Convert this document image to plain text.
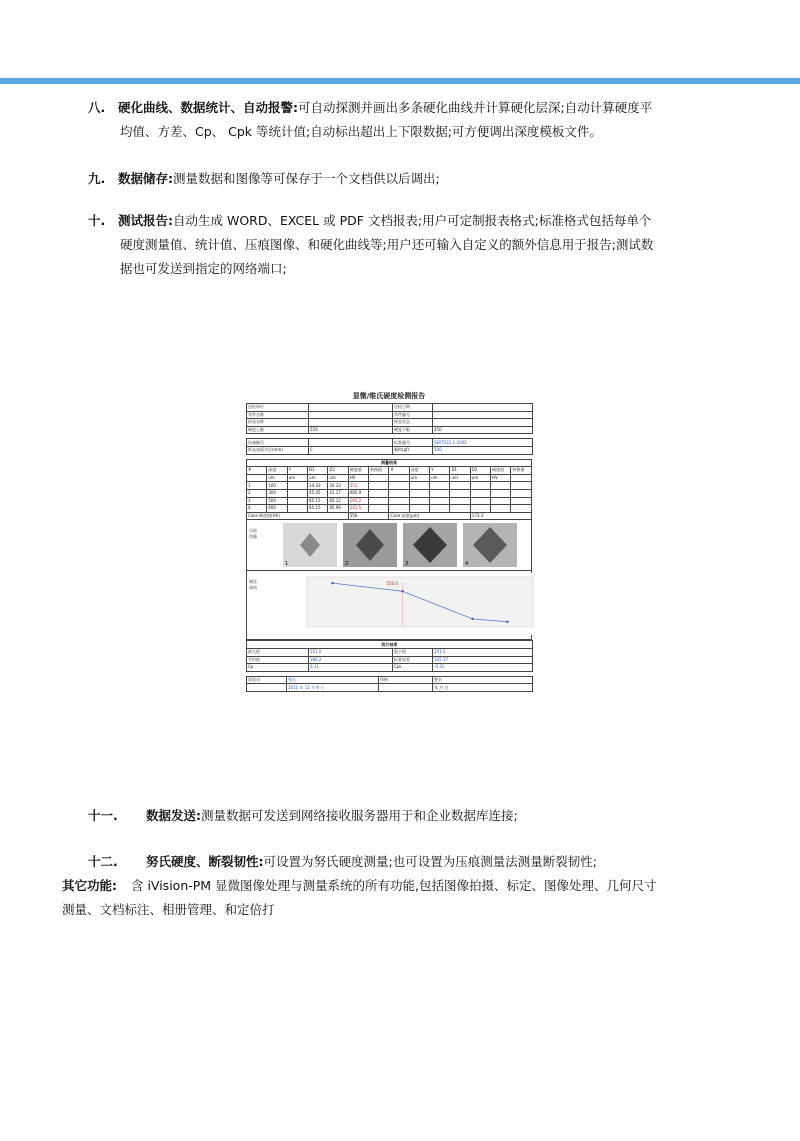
八. 硬化曲线、数据统计、自动报警:可自动探测并画出多条硬化曲线并计算硬化层深;自动计算硬度平
均值、方差、Cp、 Cpk 等统计值;自动标出超出上下限数据;可方便调出深度模板文件。
九. 数据储存:测量数据和图像等可保存于一个文档供以后调出;
十. 测试报告:自动生成 WORD、EXCEL 或 PDF 文档报表;用户可定制报表格式;标准格式包括每单个
硬度测量值、统计值、压痕图像、和硬化曲线等;用户还可输入自定义的额外信息用于报告;测试数
据也可发送到指定的网络端口;
显微/维氏硬度检测报告
送检单位		送检日期	
零件名称		零件编号	
样品名称		样品状态	
硬度上限	550	硬度下限	450
设备编号		标准编号	GB/T231.1-2002
样品表面半径(mm)	0	载荷(gf)	500
测量结果													
#	深度	Y	D1	D2	硬度值	转换值	#	深度	Y	D1	D2	硬度值	转换值
	um	um	um	um	HV			um	um	um	um	HV	
1	100		34.33	34.33	551								
2	300		45.45	41.17	485.9								
3	500		85.15	85.12	265.2								
4	600		85.15	85.99	241.5								
Case 硬度值(HV)					550		Case 深度(μm)				173.3		
压痕图像
1	2	3	4
硬化曲线
550.0
统计结果			
最大值	551.0	最小值	241.5
平均值	388.2	标准误差	105.17
Cp	0.31	Cpk	-0.31
试验员	签名	审核	签名
	2011 年 12 月 8 日		年 月 日
十一. 数据发送:测量数据可发送到网络接收服务器用于和企业数据库连接;
十二. 努氏硬度、断裂韧性:可设置为努氏硬度测量;也可设置为压痕测量法测量断裂韧性;
其它功能: 含 iVision-PM 显微图像处理与测量系统的所有功能,包括图像拍摄、标定、图像处理、几何尺寸
测量、文档标注、相册管理、和定倍打
